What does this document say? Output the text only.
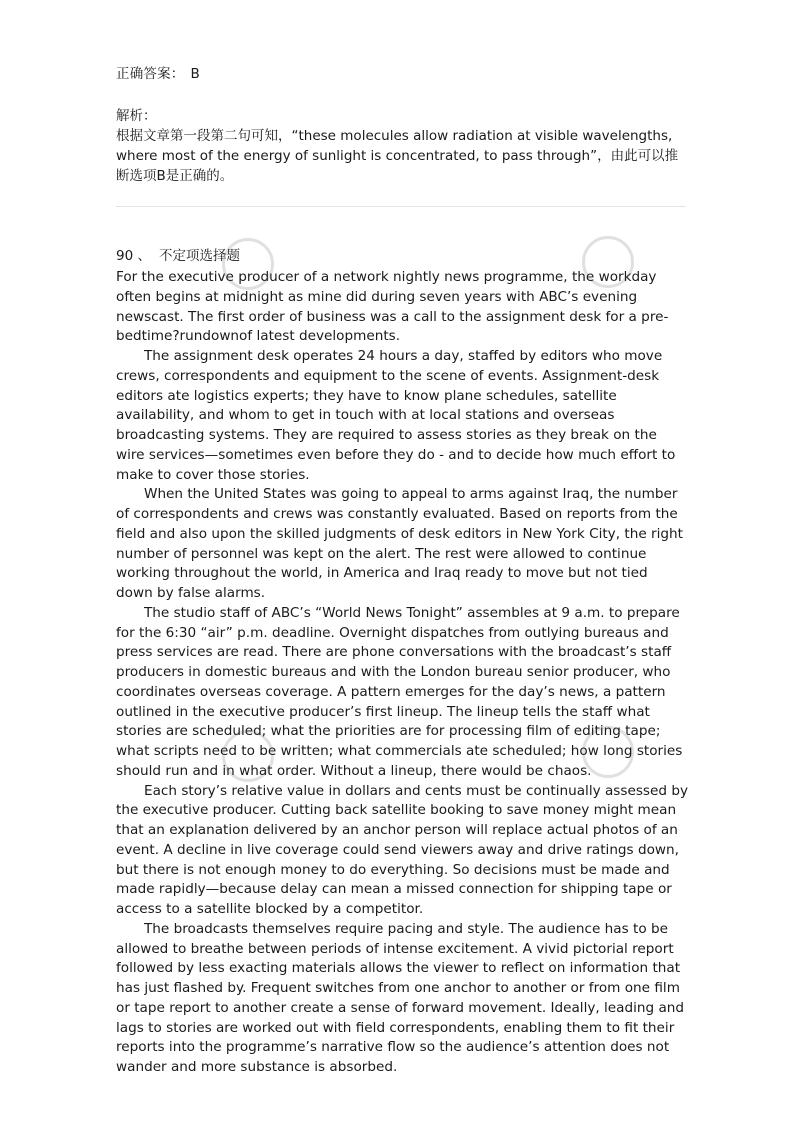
正确答案： B
解析：
根据文章第一段第二句可知，“these molecules allow radiation at visible wavelengths, where most of the energy of sunlight is concentrated, to pass through”，由此可以推断选项B是正确的。
90 、 不定项选择题

For the executive producer of a network nightly news programme, the workday often begins at midnight as mine did during seven years with ABC’s evening newscast. The first order of business was a call to the assignment desk for a pre-bedtime?rundownof latest developments.

The assignment desk operates 24 hours a day, staffed by editors who move crews, correspondents and equipment to the scene of events. Assignment-desk editors ate logistics experts; they have to know plane schedules, satellite availability, and whom to get in touch with at local stations and overseas broadcasting systems. They are required to assess stories as they break on the wire services—sometimes even before they do - and to decide how much effort to make to cover those stories.

When the United States was going to appeal to arms against Iraq, the number of correspondents and crews was constantly evaluated. Based on reports from the field and also upon the skilled judgments of desk editors in New York City, the right number of personnel was kept on the alert. The rest were allowed to continue working throughout the world, in America and Iraq ready to move but not tied down by false alarms.

The studio staff of ABC’s “World News Tonight” assembles at 9 a.m. to prepare for the 6:30 “air” p.m. deadline. Overnight dispatches from outlying bureaus and press services are read. There are phone conversations with the broadcast’s staff producers in domestic bureaus and with the London bureau senior producer, who coordinates overseas coverage. A pattern emerges for the day’s news, a pattern outlined in the executive producer’s first lineup. The lineup tells the staff what stories are scheduled; what the priorities are for processing film of editing tape; what scripts need to be written; what commercials ate scheduled; how long stories should run and in what order. Without a lineup, there would be chaos.

Each story’s relative value in dollars and cents must be continually assessed by the executive producer. Cutting back satellite booking to save money might mean that an explanation delivered by an anchor person will replace actual photos of an event. A decline in live coverage could send viewers away and drive ratings down, but there is not enough money to do everything. So decisions must be made and made rapidly—because delay can mean a missed connection for shipping tape or access to a satellite blocked by a competitor.

The broadcasts themselves require pacing and style. The audience has to be allowed to breathe between periods of intense excitement. A vivid pictorial report followed by less exacting materials allows the viewer to reflect on information that has just flashed by. Frequent switches from one anchor to another or from one film or tape report to another create a sense of forward movement. Ideally, leading and lags to stories are worked out with field correspondents, enabling them to fit their reports into the programme’s narrative flow so the audience’s attention does not wander and more substance is absorbed.
